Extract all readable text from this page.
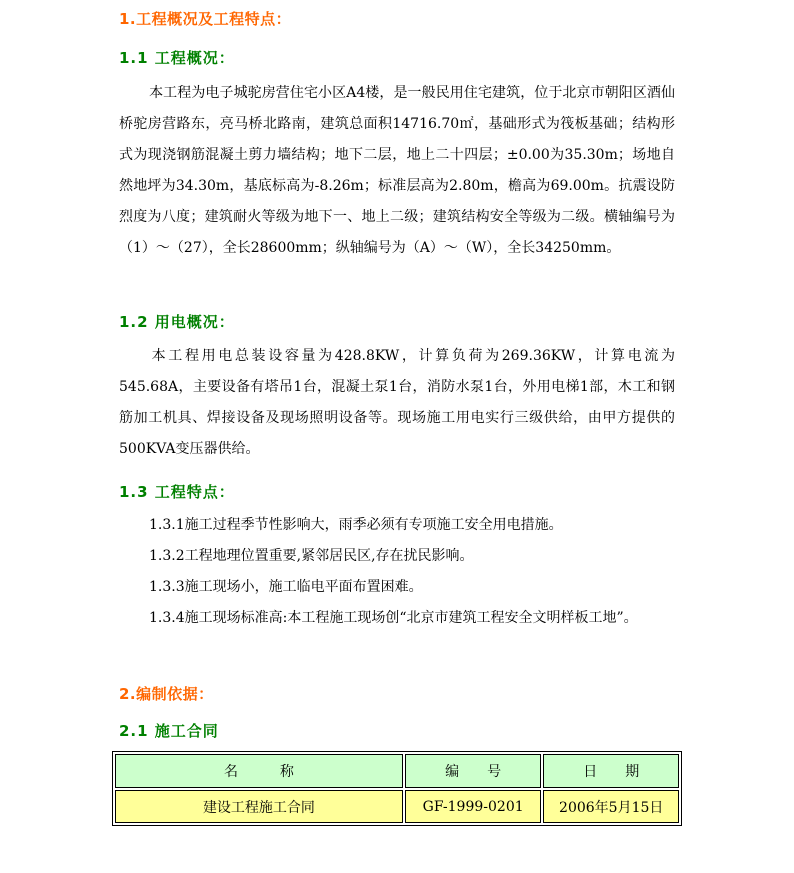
1.工程概况及工程特点：
1.1 工程概况：
本工程为电子城驼房营住宅小区A4楼，是一般民用住宅建筑，位于北京市朝阳区酒仙桥驼房营路东，亮马桥北路南，建筑总面积14716.70㎡，基础形式为筏板基础；结构形式为现浇钢筋混凝土剪力墙结构；地下二层，地上二十四层；±0.00为35.30m；场地自然地坪为34.30m，基底标高为-8.26m；标准层高为2.80m，檐高为69.00m。抗震设防烈度为八度；建筑耐火等级为地下一、地上二级；建筑结构安全等级为二级。横轴编号为（1）～（27），全长28600mm；纵轴编号为（A）～（W），全长34250mm。
1.2 用电概况：
本工程用电总装设容量为428.8KW，计算负荷为269.36KW，计算电流为545.68A，主要设备有塔吊1台，混凝土泵1台，消防水泵1台，外用电梯1部，木工和钢筋加工机具、焊接设备及现场照明设备等。现场施工用电实行三级供给，由甲方提供的500KVA变压器供给。
1.3 工程特点：
1.3.1施工过程季节性影响大，雨季必须有专项施工安全用电措施。
1.3.2工程地理位置重要,紧邻居民区,存在扰民影响。
1.3.3施工现场小，施工临电平面布置困难。
1.3.4施工现场标准高:本工程施工现场创“北京市建筑工程安全文明样板工地”。
2.编制依据：
2.1 施工合同
名　　　称	编　　号	日　　期
建设工程施工合同	GF-1999-0201	2006年5月15日
